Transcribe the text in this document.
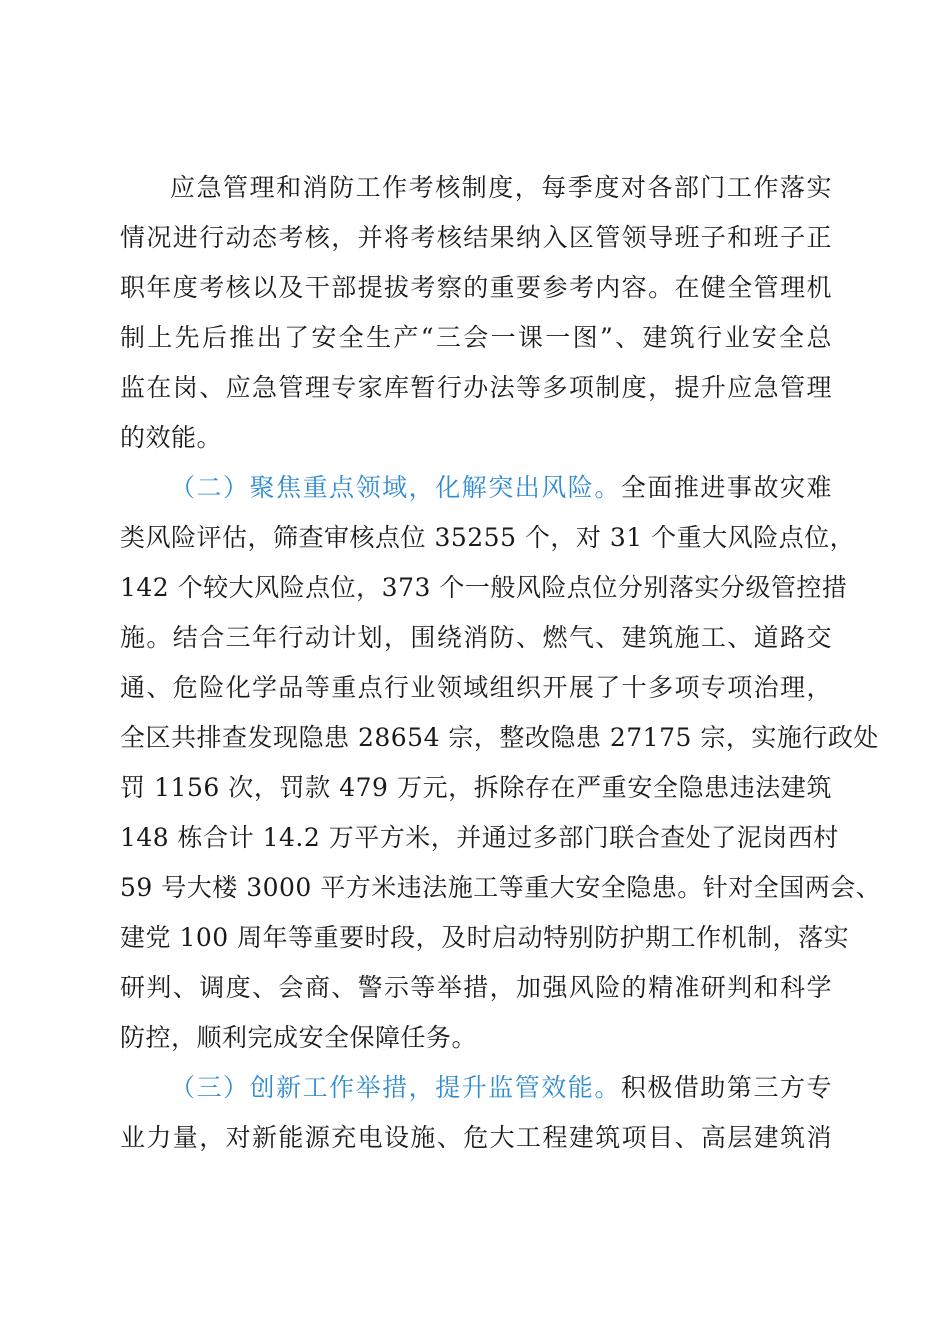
应急管理和消防工作考核制度，每季度对各部门工作落实
情况进行动态考核，并将考核结果纳入区管领导班子和班子正
职年度考核以及干部提拔考察的重要参考内容。在健全管理机
制上先后推出了安全生产“三会一课一图”、建筑行业安全总
监在岗、应急管理专家库暂行办法等多项制度，提升应急管理
的效能。
（二）聚焦重点领域，化解突出风险。全面推进事故灾难
类风险评估，筛查审核点位 35255 个，对 31 个重大风险点位，
142 个较大风险点位，373 个一般风险点位分别落实分级管控措
施。结合三年行动计划，围绕消防、燃气、建筑施工、道路交
通、危险化学品等重点行业领域组织开展了十多项专项治理，
全区共排查发现隐患 28654 宗，整改隐患 27175 宗，实施行政处
罚 1156 次，罚款 479 万元，拆除存在严重安全隐患违法建筑
148 栋合计 14.2 万平方米，并通过多部门联合查处了泥岗西村
59 号大楼 3000 平方米违法施工等重大安全隐患。针对全国两会、
建党 100 周年等重要时段，及时启动特别防护期工作机制，落实
研判、调度、会商、警示等举措，加强风险的精准研判和科学
防控，顺利完成安全保障任务。
（三）创新工作举措，提升监管效能。积极借助第三方专
业力量，对新能源充电设施、危大工程建筑项目、高层建筑消
